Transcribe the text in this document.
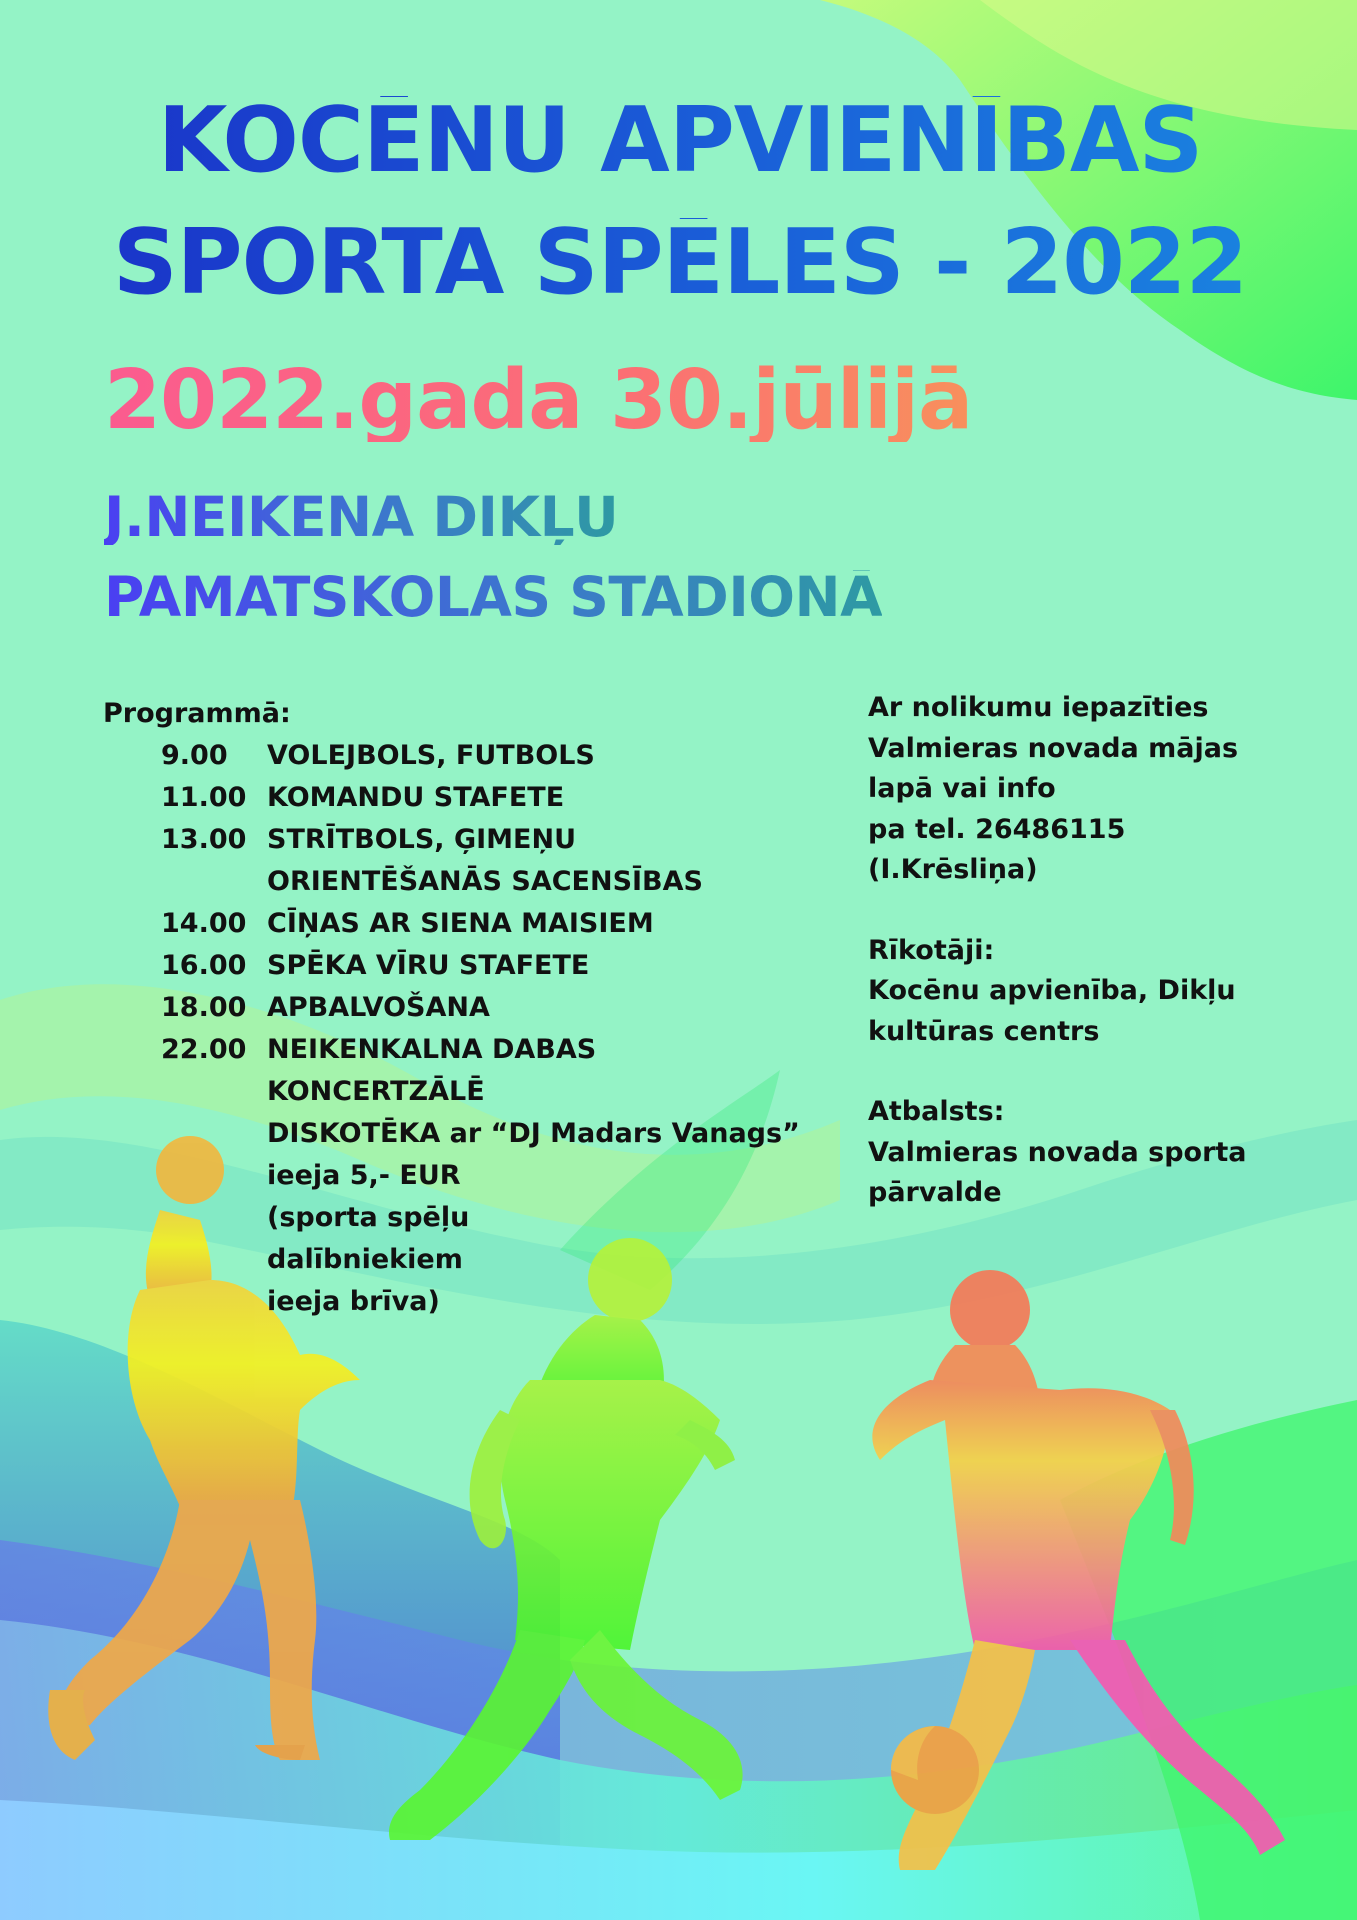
KOCĒNU APVIENĪBAS
SPORTA SPĒLES - 2022
2022.gada 30.jūlijā
J.NEIKENA DIKĻU
PAMATSKOLAS STADIONĀ
Programmā:
9.00	VOLEJBOLS, FUTBOLS
11.00 KOMANDU STAFETE
13.00 STRĪTBOLS, ĢIMEŅU
ORIENTĒŠANĀS SACENSĪBAS
14.00 CĪŅAS AR SIENA MAISIEM
16.00 SPĒKA VĪRU STAFETE
18.00 APBALVOŠANA
22.00 NEIKENKALNA DABAS
KONCERTZĀLĒ
DISKOTĒKA ar “DJ Madars Vanags”
ieeja 5,- EUR
(sporta spēļu
dalībniekiem
ieeja brīva)
Ar nolikumu iepazīties
Valmieras novada mājas
lapā vai info
pa tel. 26486115
(I.Krēsliņa)
Rīkotāji:
Kocēnu apvienība, Dikļu
kultūras centrs
Atbalsts:
Valmieras novada sporta
pārvalde
